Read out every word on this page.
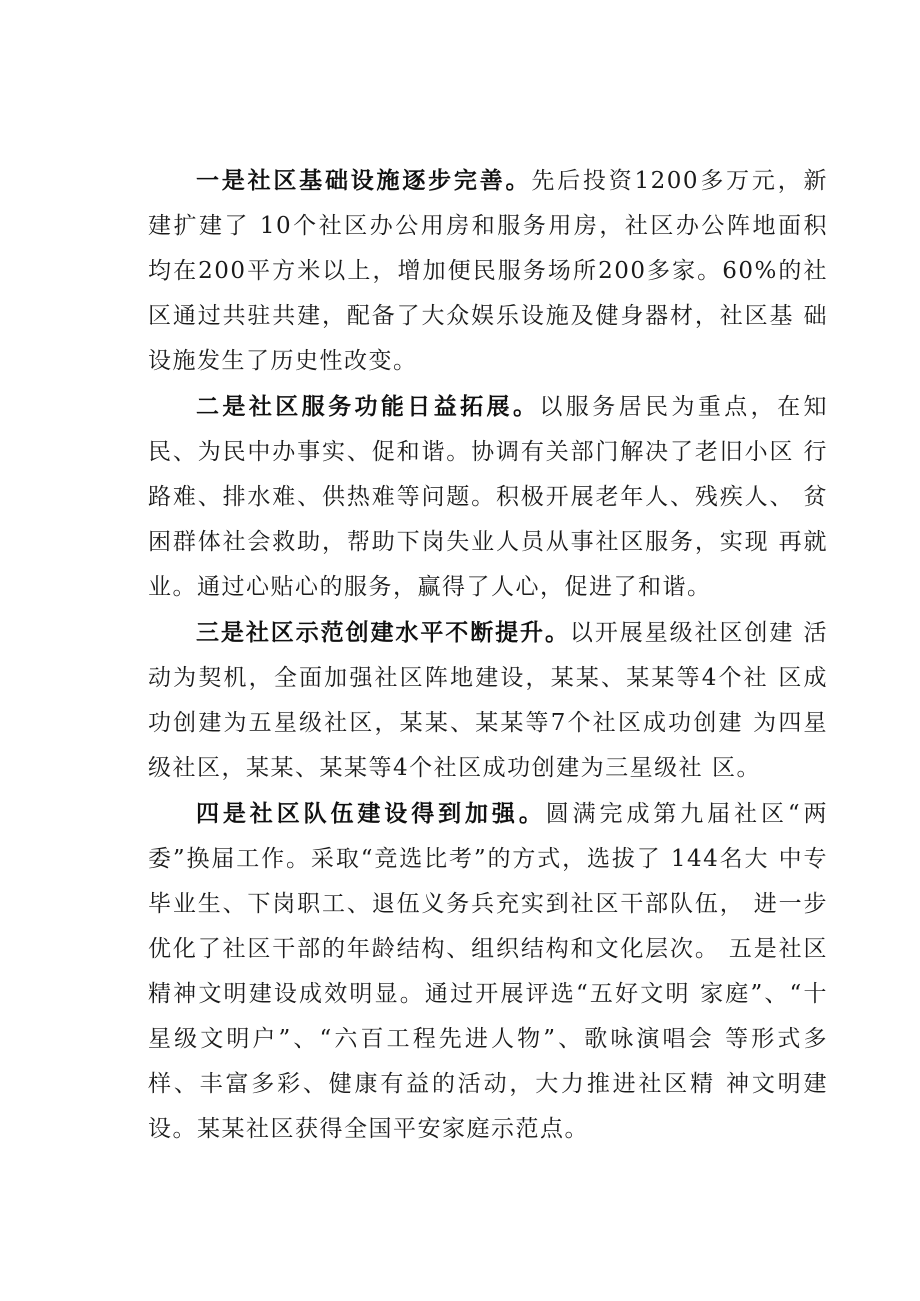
一是社区基础设施逐步完善。先后投资1200多万元，新 建扩建了 10个社区办公用房和服务用房，社区办公阵地面积 均在200平方米以上，增加便民服务场所200多家。60%的社 区通过共驻共建，配备了大众娱乐设施及健身器材，社区基 础设施发生了历史性改变。

二是社区服务功能日益拓展。以服务居民为重点，在知 民、为民中办事实、促和谐。协调有关部门解决了老旧小区 行路难、排水难、供热难等问题。积极开展老年人、残疾人、 贫困群体社会救助，帮助下岗失业人员从事社区服务，实现 再就业。通过心贴心的服务，赢得了人心，促进了和谐。

三是社区示范创建水平不断提升。以开展星级社区创建 活动为契机，全面加强社区阵地建设，某某、某某等4个社 区成功创建为五星级社区，某某、某某等7个社区成功创建 为四星级社区，某某、某某等4个社区成功创建为三星级社 区。

四是社区队伍建设得到加强。圆满完成第九届社区“两 委”换届工作。采取“竞选比考”的方式，选拔了 144名大 中专毕业生、下岗职工、退伍义务兵充实到社区干部队伍， 进一步优化了社区干部的年龄结构、组织结构和文化层次。 五是社区精神文明建设成效明显。通过开展评选“五好文明 家庭”、“十星级文明户”、“六百工程先进人物”、歌咏演唱会 等形式多样、丰富多彩、健康有益的活动，大力推进社区精 神文明建设。某某社区获得全国平安家庭示范点。
